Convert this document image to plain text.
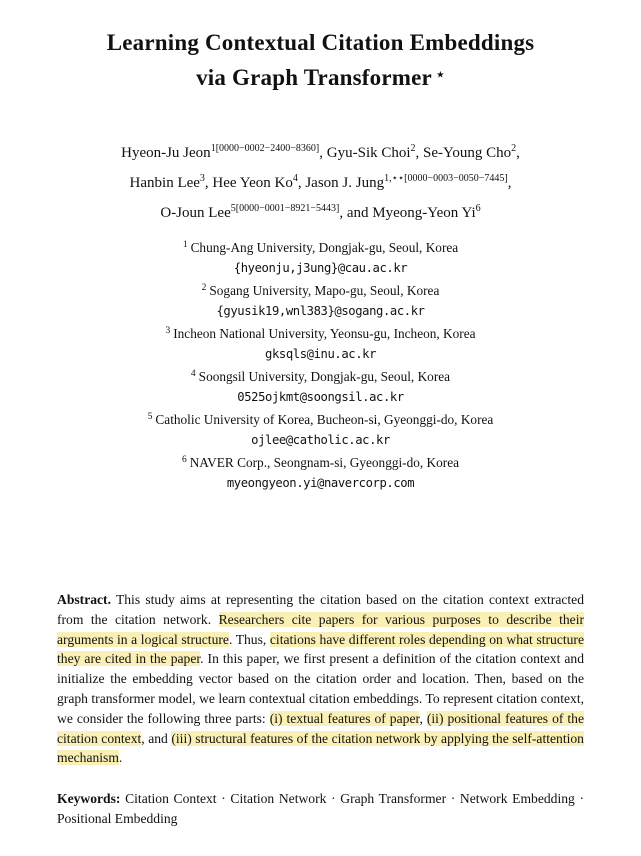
Learning Contextual Citation Embeddings
via Graph Transformer ⋆
Hyeon-Ju Jeon$^{1[0000-0002-2400-8360]}$, Gyu-Sik Choi$^2$, Se-Young Cho$^2$,
Hanbin Lee$^3$, Hee Yeon Ko$^4$, Jason J. Jung$^{1,⋆⋆[0000-0003-0050-7445]}$,
O-Joun Lee$^{5[0000-0001-8921-5443]}$, and Myeong-Yeon Yi$^6$
$^1$ Chung-Ang University, Dongjak-gu, Seoul, Korea
{hyeonju,j3ung}@cau.ac.kr
$^2$ Sogang University, Mapo-gu, Seoul, Korea
{gyusik19,wnl383}@sogang.ac.kr
$^3$ Incheon National University, Yeonsu-gu, Incheon, Korea
gksqls@inu.ac.kr
$^4$ Soongsil University, Dongjak-gu, Seoul, Korea
0525ojkmt@soongsil.ac.kr
$^5$ Catholic University of Korea, Bucheon-si, Gyeonggi-do, Korea
ojlee@catholic.ac.kr
$^6$ NAVER Corp., Seongnam-si, Gyeonggi-do, Korea
myeongyeon.yi@navercorp.com
Abstract. This study aims at representing the citation based on the citation context extracted from the citation network. Researchers cite papers for various purposes to describe their arguments in a logical structure. Thus, citations have different roles depending on what structure they are cited in the paper. In this paper, we first present a definition of the citation context and initialize the embedding vector based on the citation order and location. Then, based on the graph transformer model, we learn contextual citation embeddings. To represent citation context, we consider the following three parts: (i) textual features of paper, (ii) positional features of the citation context, and (iii) structural features of the citation network by applying the self-attention mechanism.
Keywords: Citation Context · Citation Network · Graph Transformer · Network Embedding · Positional Embedding
